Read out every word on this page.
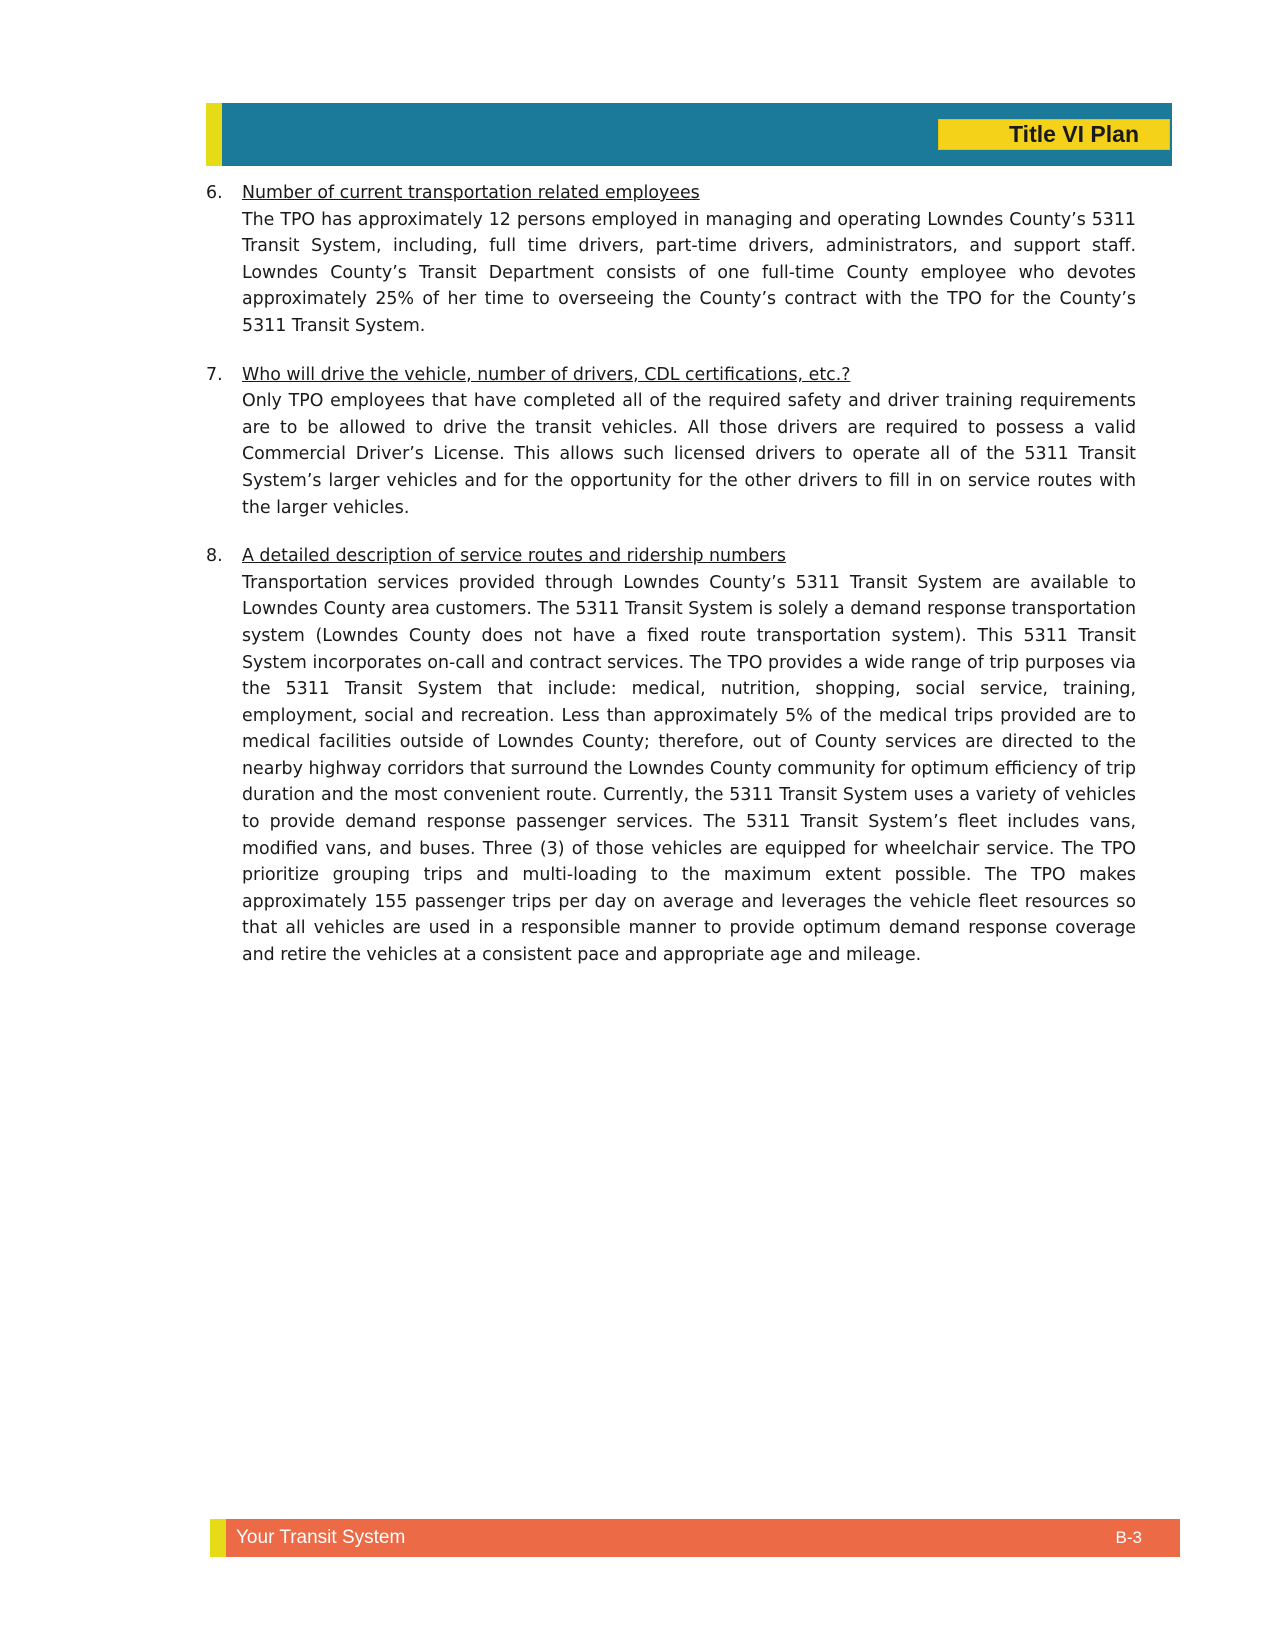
Title VI Plan
6. Number of current transportation related employees
The TPO has approximately 12 persons employed in managing and operating Lowndes County’s 5311 Transit System, including, full time drivers, part-time drivers, administrators, and support staff. Lowndes County’s Transit Department consists of one full-time County employee who devotes approximately 25% of her time to overseeing the County’s contract with the TPO for the County’s 5311 Transit System.
7. Who will drive the vehicle, number of drivers, CDL certifications, etc.?
Only TPO employees that have completed all of the required safety and driver training requirements are to be allowed to drive the transit vehicles. All those drivers are required to possess a valid Commercial Driver’s License. This allows such licensed drivers to operate all of the 5311 Transit System’s larger vehicles and for the opportunity for the other drivers to fill in on service routes with the larger vehicles.
8. A detailed description of service routes and ridership numbers
Transportation services provided through Lowndes County’s 5311 Transit System are available to Lowndes County area customers. The 5311 Transit System is solely a demand response transportation system (Lowndes County does not have a fixed route transportation system). This 5311 Transit System incorporates on-call and contract services. The TPO provides a wide range of trip purposes via the 5311 Transit System that include: medical, nutrition, shopping, social service, training, employment, social and recreation. Less than approximately 5% of the medical trips provided are to medical facilities outside of Lowndes County; therefore, out of County services are directed to the nearby highway corridors that surround the Lowndes County community for optimum efficiency of trip duration and the most convenient route. Currently, the 5311 Transit System uses a variety of vehicles to provide demand response passenger services. The 5311 Transit System’s fleet includes vans, modified vans, and buses. Three (3) of those vehicles are equipped for wheelchair service. The TPO prioritize grouping trips and multi-loading to the maximum extent possible. The TPO makes approximately 155 passenger trips per day on average and leverages the vehicle fleet resources so that all vehicles are used in a responsible manner to provide optimum demand response coverage and retire the vehicles at a consistent pace and appropriate age and mileage.
Your Transit System	B-3
